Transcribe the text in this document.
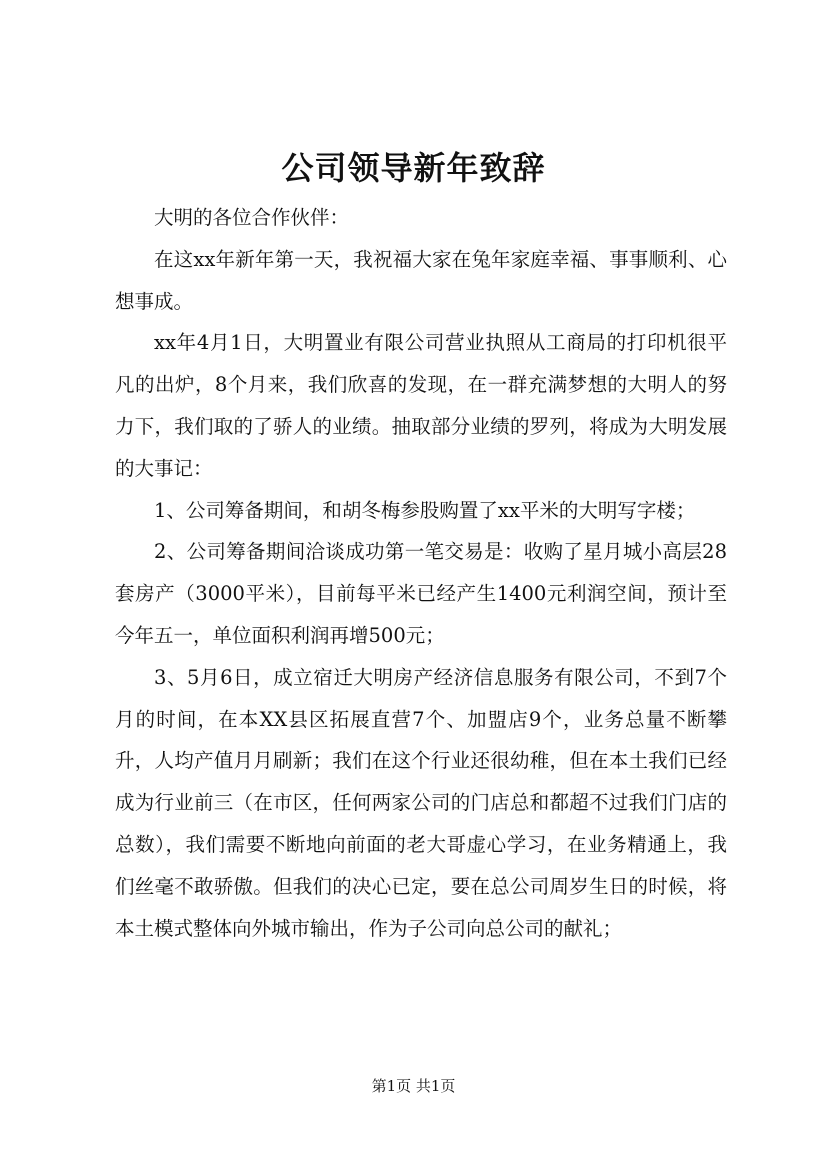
公司领导新年致辞

大明的各位合作伙伴：

在这xx年新年第一天，我祝福大家在兔年家庭幸福、事事顺利、心想事成。

xx年4月1日，大明置业有限公司营业执照从工商局的打印机很平凡的出炉，8个月来，我们欣喜的发现，在一群充满梦想的大明人的努力下，我们取的了骄人的业绩。抽取部分业绩的罗列，将成为大明发展的大事记：

1、公司筹备期间，和胡冬梅参股购置了xx平米的大明写字楼；

2、公司筹备期间洽谈成功第一笔交易是：收购了星月城小高层28套房产（3000平米），目前每平米已经产生1400元利润空间，预计至今年五一，单位面积利润再增500元；

3、5月6日，成立宿迁大明房产经济信息服务有限公司，不到7个月的时间，在本XX县区拓展直营7个、加盟店9个，业务总量不断攀升，人均产值月月刷新；我们在这个行业还很幼稚，但在本土我们已经成为行业前三（在市区，任何两家公司的门店总和都超不过我们门店的总数），我们需要不断地向前面的老大哥虚心学习，在业务精通上，我们丝毫不敢骄傲。但我们的决心已定，要在总公司周岁生日的时候，将本土模式整体向外城市输出，作为子公司向总公司的献礼；

第1页 共1页
